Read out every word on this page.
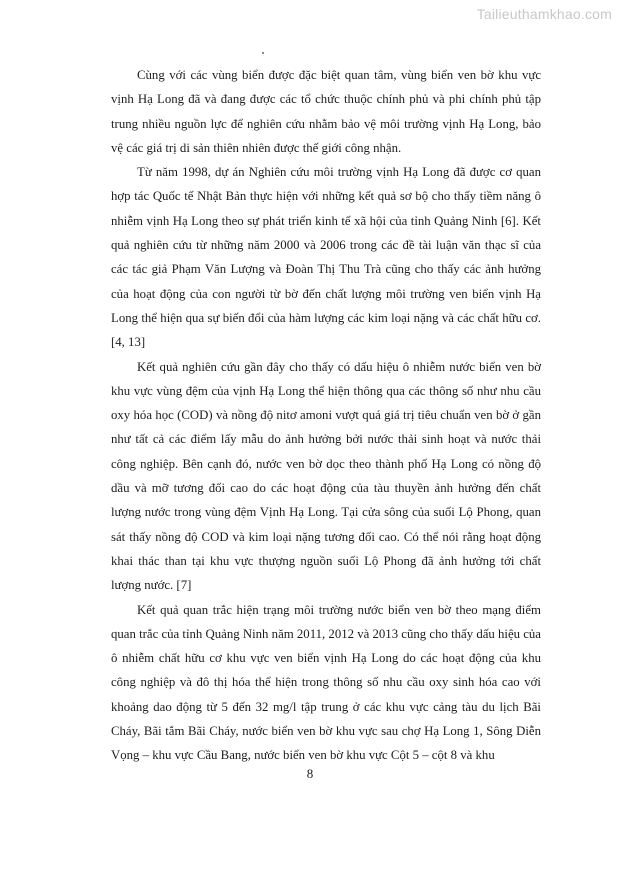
Tailieuthamkhao.com

Cùng với các vùng biển được đặc biệt quan tâm, vùng biển ven bờ khu vực vịnh Hạ Long đã và đang được các tổ chức thuộc chính phủ và phi chính phủ tập trung nhiều nguồn lực để nghiên cứu nhằm bảo vệ môi trường vịnh Hạ Long, bảo vệ các giá trị di sản thiên nhiên được thế giới công nhận.

Từ năm 1998, dự án Nghiên cứu môi trường vịnh Hạ Long đã được cơ quan hợp tác Quốc tế Nhật Bản thực hiện với những kết quả sơ bộ cho thấy tiềm năng ô nhiễm vịnh Hạ Long theo sự phát triển kinh tế xã hội của tỉnh Quảng Ninh [6]. Kết quả nghiên cứu từ những năm 2000 và 2006 trong các đề tài luận văn thạc sĩ của các tác giả Phạm Văn Lượng và Đoàn Thị Thu Trà cũng cho thấy các ảnh hưởng của hoạt động của con người từ bờ đến chất lượng môi trường ven biển vịnh Hạ Long thể hiện qua sự biến đổi của hàm lượng các kim loại nặng và các chất hữu cơ. [4, 13]

Kết quả nghiên cứu gần đây cho thấy có dấu hiệu ô nhiễm nước biển ven bờ khu vực vùng đệm của vịnh Hạ Long thể hiện thông qua các thông số như nhu cầu oxy hóa học (COD) và nồng độ nitơ amoni vượt quá giá trị tiêu chuẩn ven bờ ở gần như tất cả các điểm lấy mẫu do ảnh hưởng bởi nước thải sinh hoạt và nước thải công nghiệp. Bên cạnh đó, nước ven bờ dọc theo thành phố Hạ Long có nồng độ dầu và mỡ tương đối cao do các hoạt động của tàu thuyền ảnh hưởng đến chất lượng nước trong vùng đệm Vịnh Hạ Long. Tại cửa sông của suối Lộ Phong, quan sát thấy nồng độ COD và kim loại nặng tương đối cao. Có thể nói rằng hoạt động khai thác than tại khu vực thượng nguồn suối Lộ Phong đã ảnh hưởng tới chất lượng nước. [7]

Kết quả quan trắc hiện trạng môi trường nước biển ven bờ theo mạng điểm quan trắc của tỉnh Quảng Ninh năm 2011, 2012 và 2013 cũng cho thấy dấu hiệu của ô nhiễm chất hữu cơ khu vực ven biển vịnh Hạ Long do các hoạt động của khu công nghiệp và đô thị hóa thể hiện trong thông số nhu cầu oxy sinh hóa cao với khoảng dao động từ 5 đến 32 mg/l tập trung ở các khu vực cảng tàu du lịch Bãi Cháy, Bãi tắm Bãi Cháy, nước biển ven bờ khu vực sau chợ Hạ Long 1, Sông Diễn Vọng – khu vực Cầu Bang, nước biển ven bờ khu vực Cột 5 – cột 8 và khu

8
